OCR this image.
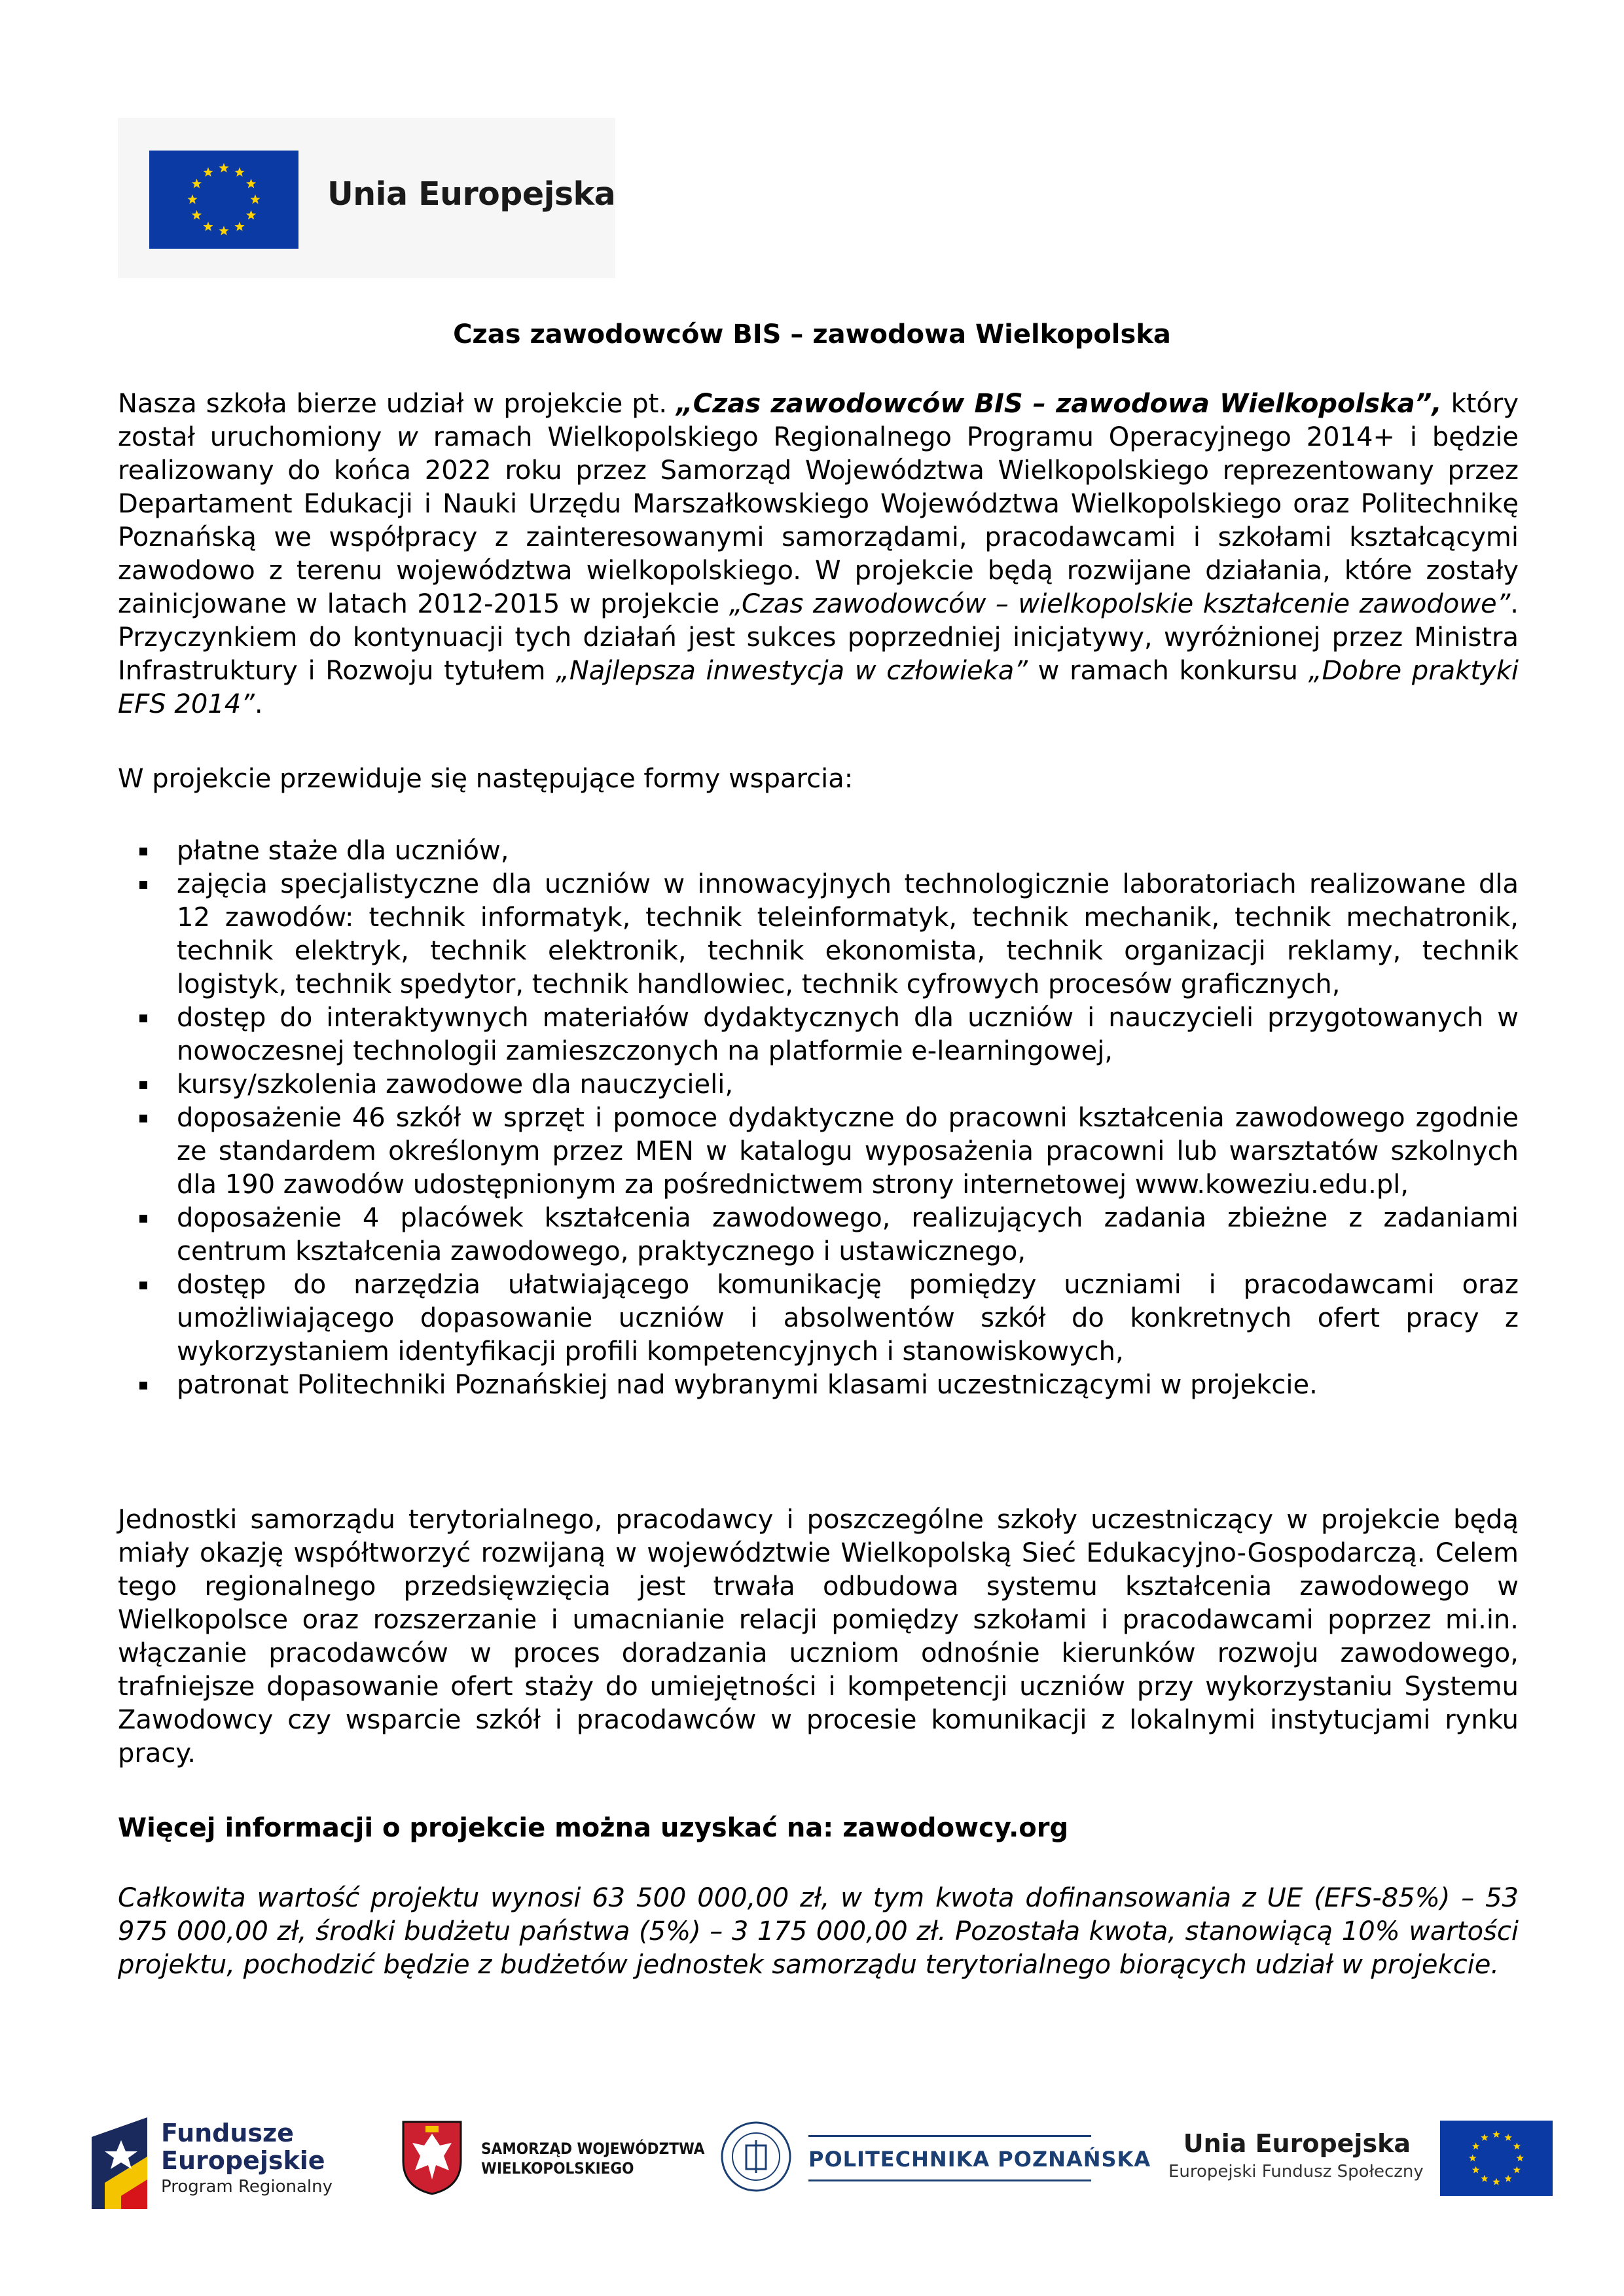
Unia Europejska
Czas zawodowców BIS – zawodowa Wielkopolska
Nasza szkoła bierze udział w projekcie pt. „Czas zawodowców BIS – zawodowa Wielkopolska”, który został uruchomiony w ramach Wielkopolskiego Regionalnego Programu Operacyjnego 2014+ i będzie realizowany do końca 2022 roku przez Samorząd Województwa Wielkopolskiego reprezentowany przez Departament Edukacji i Nauki Urzędu Marszałkowskiego Województwa Wielkopolskiego oraz Politechnikę Poznańską we współpracy z zainteresowanymi samorządami, pracodawcami i szkołami kształcącymi zawodowo z terenu województwa wielkopolskiego. W projekcie będą rozwijane działania, które zostały zainicjowane w latach 2012-2015 w projekcie „Czas zawodowców – wielkopolskie kształcenie zawodowe”. Przyczynkiem do kontynuacji tych działań jest sukces poprzedniej inicjatywy, wyróżnionej przez Ministra Infrastruktury i Rozwoju tytułem „Najlepsza inwestycja w człowieka” w ramach konkursu „Dobre praktyki EFS 2014”.
W projekcie przewiduje się następujące formy wsparcia:
płatne staże dla uczniów,
zajęcia specjalistyczne dla uczniów w innowacyjnych technologicznie laboratoriach realizowane dla 12 zawodów: technik informatyk, technik teleinformatyk, technik mechanik, technik mechatronik, technik elektryk, technik elektronik, technik ekonomista, technik organizacji reklamy, technik logistyk, technik spedytor, technik handlowiec, technik cyfrowych procesów graficznych,
dostęp do interaktywnych materiałów dydaktycznych dla uczniów i nauczycieli przygotowanych w nowoczesnej technologii zamieszczonych na platformie e-learningowej,
kursy/szkolenia zawodowe dla nauczycieli,
doposażenie 46 szkół w sprzęt i pomoce dydaktyczne do pracowni kształcenia zawodowego zgodnie ze standardem określonym przez MEN w katalogu wyposażenia pracowni lub warsztatów szkolnych dla 190 zawodów udostępnionym za pośrednictwem strony internetowej www.koweziu.edu.pl,
doposażenie 4 placówek kształcenia zawodowego, realizujących zadania zbieżne z zadaniami centrum kształcenia zawodowego, praktycznego i ustawicznego,
dostęp do narzędzia ułatwiającego komunikację pomiędzy uczniami i pracodawcami oraz umożliwiającego dopasowanie uczniów i absolwentów szkół do konkretnych ofert pracy z wykorzystaniem identyfikacji profili kompetencyjnych i stanowiskowych,
patronat Politechniki Poznańskiej nad wybranymi klasami uczestniczącymi w projekcie.
Jednostki samorządu terytorialnego, pracodawcy i poszczególne szkoły uczestniczący w projekcie będą miały okazję współtworzyć rozwijaną w województwie Wielkopolską Sieć Edukacyjno-Gospodarczą. Celem tego regionalnego przedsięwzięcia jest trwała odbudowa systemu kształcenia zawodowego w Wielkopolsce oraz rozszerzanie i umacnianie relacji pomiędzy szkołami i pracodawcami poprzez mi.in. włączanie pracodawców w proces doradzania uczniom odnośnie kierunków rozwoju zawodowego, trafniejsze dopasowanie ofert staży do umiejętności i kompetencji uczniów przy wykorzystaniu Systemu Zawodowcy czy wsparcie szkół i pracodawców w procesie komunikacji z lokalnymi instytucjami rynku pracy.
Więcej informacji o projekcie można uzyskać na: zawodowcy.org
Całkowita wartość projektu wynosi 63 500 000,00 zł, w tym kwota dofinansowania z UE (EFS-85%) – 53 975 000,00 zł, środki budżetu państwa (5%) – 3 175 000,00 zł. Pozostała kwota, stanowiącą 10% wartości projektu, pochodzić będzie z budżetów jednostek samorządu terytorialnego biorących udział w projekcie.
Fundusze
Europejskie
Program Regionalny
SAMORZĄD WOJEWÓDZTWA
WIELKOPOLSKIEGO	POLITECHNIKA POZNAŃSKA
Unia Europejska
Europejski Fundusz Społeczny
